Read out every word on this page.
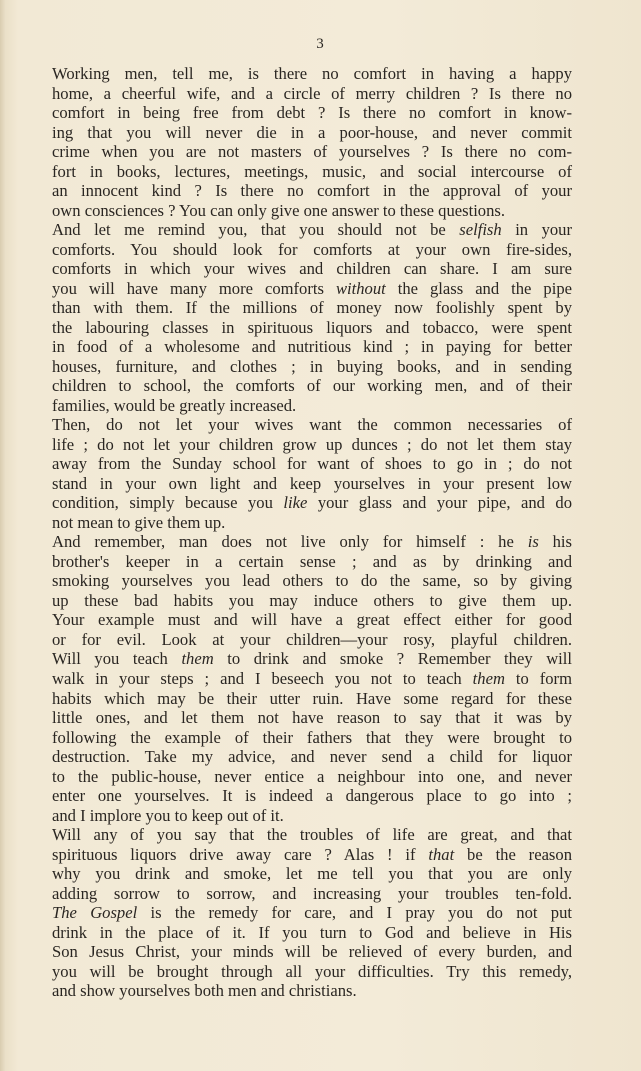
3
Working men, tell me, is there no comfort in having a happy
home, a cheerful wife, and a circle of merry children ? Is there no
comfort in being free from debt ? Is there no comfort in know-
ing that you will never die in a poor-house, and never commit
crime when you are not masters of yourselves ? Is there no com-
fort in books, lectures, meetings, music, and social intercourse of
an innocent kind ? Is there no comfort in the approval of your
own consciences ? You can only give one answer to these questions.
And let me remind you, that you should not be selfish in your
comforts. You should look for comforts at your own fire-sides,
comforts in which your wives and children can share. I am sure
you will have many more comforts without the glass and the pipe
than with them. If the millions of money now foolishly spent by
the labouring classes in spirituous liquors and tobacco, were spent
in food of a wholesome and nutritious kind ; in paying for better
houses, furniture, and clothes ; in buying books, and in sending
children to school, the comforts of our working men, and of their
families, would be greatly increased.
Then, do not let your wives want the common necessaries of
life ; do not let your children grow up dunces ; do not let them stay
away from the Sunday school for want of shoes to go in ; do not
stand in your own light and keep yourselves in your present low
condition, simply because you like your glass and your pipe, and do
not mean to give them up.
And remember, man does not live only for himself : he is his
brother's keeper in a certain sense ; and as by drinking and
smoking yourselves you lead others to do the same, so by giving
up these bad habits you may induce others to give them up.
Your example must and will have a great effect either for good
or for evil. Look at your children—your rosy, playful children.
Will you teach them to drink and smoke ? Remember they will
walk in your steps ; and I beseech you not to teach them to form
habits which may be their utter ruin. Have some regard for these
little ones, and let them not have reason to say that it was by
following the example of their fathers that they were brought to
destruction. Take my advice, and never send a child for liquor
to the public-house, never entice a neighbour into one, and never
enter one yourselves. It is indeed a dangerous place to go into ;
and I implore you to keep out of it.
Will any of you say that the troubles of life are great, and that
spirituous liquors drive away care ? Alas ! if that be the reason
why you drink and smoke, let me tell you that you are only
adding sorrow to sorrow, and increasing your troubles ten-fold.
The Gospel is the remedy for care, and I pray you do not put
drink in the place of it. If you turn to God and believe in His
Son Jesus Christ, your minds will be relieved of every burden, and
you will be brought through all your difficulties. Try this remedy,
and show yourselves both men and christians.
